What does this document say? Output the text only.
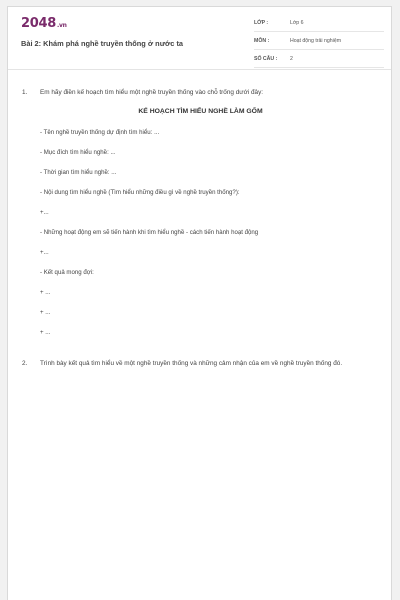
2048.vn
Bài 2: Khám phá nghề truyền thống ở nước ta
LỚP :	Lớp 6
MÔN :	Hoạt động trải nghiệm
SỐ CÂU : 2
1. Em hãy điền kế hoạch tìm hiểu một nghề truyền thống vào chỗ trống dưới đây:
KẾ HOẠCH TÌM HIỂU NGHỀ LÀM GỐM
- Tên nghề truyền thống dự định tìm hiểu: ...
- Mục đích tìm hiểu nghề: ...
- Thời gian tìm hiểu nghề: ...
- Nội dung tìm hiểu nghề (Tìm hiểu những điều gì về nghề truyền thống?):
+...
- Những hoạt động em sẽ tiến hành khi tìm hiểu nghề - cách tiến hành hoạt động
+...
- Kết quả mong đợi:
+ ...
+ ...
+ ...
2. Trình bày kết quả tìm hiểu về một nghề truyền thống và những cảm nhận của em về nghề truyền thống đó.
